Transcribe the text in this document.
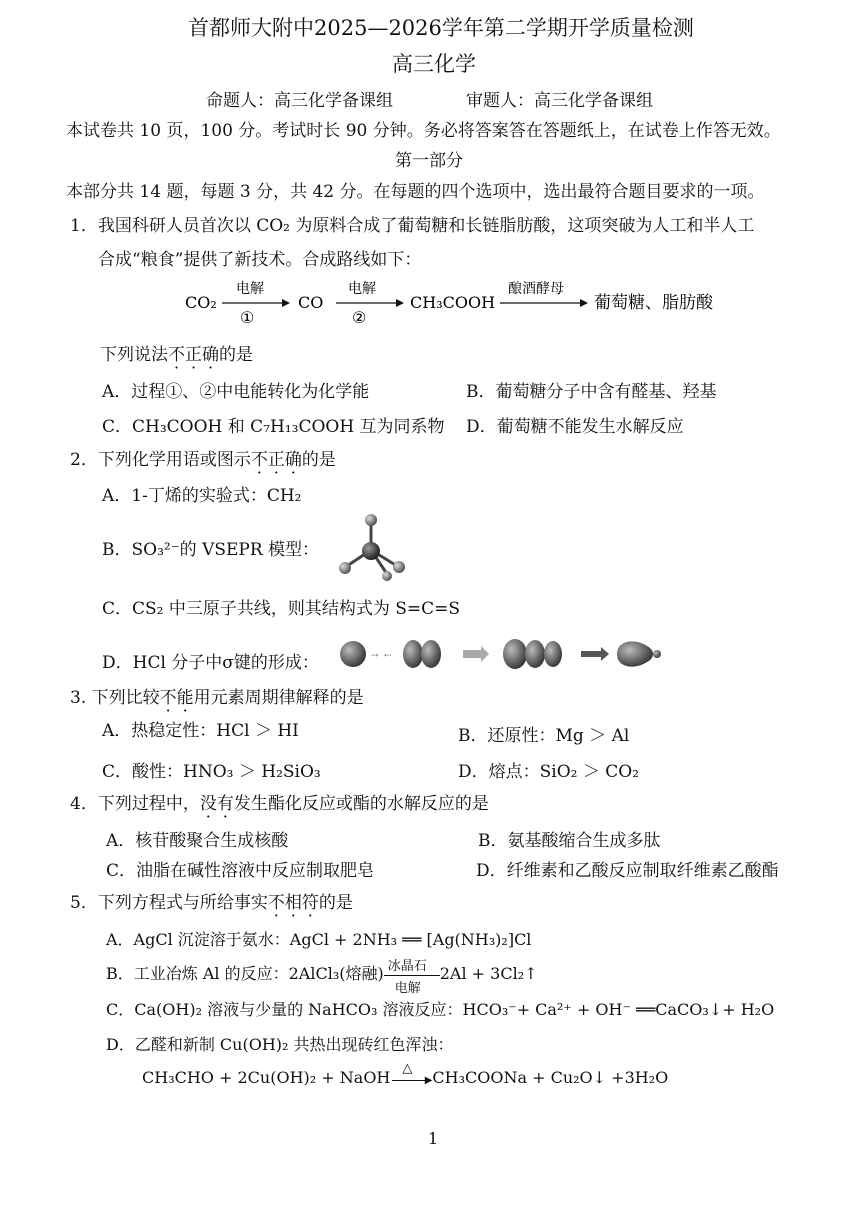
首都师大附中2025—2026学年第二学期开学质量检测
高三化学
命题人：高三化学备课组	审题人：高三化学备课组
本试卷共 10 页，100 分。考试时长 90 分钟。务必将答案答在答题纸上，在试卷上作答无效。
第一部分
本部分共 14 题，每题 3 分，共 42 分。在每题的四个选项中，选出最符合题目要求的一项。
1．我国科研人员首次以 CO₂ 为原料合成了葡萄糖和长链脂肪酸，这项突破为人工和半人工
合成“粮食”提供了新技术。合成路线如下：
CO₂
电解
①
CO
电解
②
CH₃COOH
酿酒酵母
葡萄糖、脂肪酸
下列说法不正确的是
A．过程①、②中电能转化为化学能	B．葡萄糖分子中含有醛基、羟基
C．CH₃COOH 和 C₇H₁₃COOH 互为同系物 D．葡萄糖不能发生水解反应
2．下列化学用语或图示不正确的是
A．1-丁烯的实验式：CH₂
B．SO₃²⁻的 VSEPR 模型：
C．CS₂ 中三原子共线，则其结构式为 S=C=S
D．HCl 分子中σ键的形成：	⇢ ⇠
3. 下列比较不能用元素周期律解释的是
A．热稳定性：HCl ＞ HI	B．还原性：Mg ＞ Al
C．酸性：HNO₃ ＞ H₂SiO₃	D．熔点：SiO₂ ＞ CO₂
4．下列过程中，没有发生酯化反应或酯的水解反应的是
A．核苷酸聚合生成核酸	B．氨基酸缩合生成多肽
C．油脂在碱性溶液中反应制取肥皂	D．纤维素和乙酸反应制取纤维素乙酸酯
5．下列方程式与所给事实不相符的是
A．AgCl 沉淀溶于氨水：AgCl + 2NH₃ ══ [Ag(NH₃)₂]Cl
B．工业冶炼 Al 的反应：2AlCl₃(熔融) 冰晶石
电解
2Al + 3Cl₂↑
C．Ca(OH)₂ 溶液与少量的 NaHCO₃ 溶液反应：HCO₃⁻+ Ca²⁺ + OH⁻ ══CaCO₃↓+ H₂O
D．乙醛和新制 Cu(OH)₂ 共热出现砖红色浑浊：
CH₃CHO + 2Cu(OH)₂ + NaOH △
▶ CH₃COONa + Cu₂O↓ +3H₂O
1
